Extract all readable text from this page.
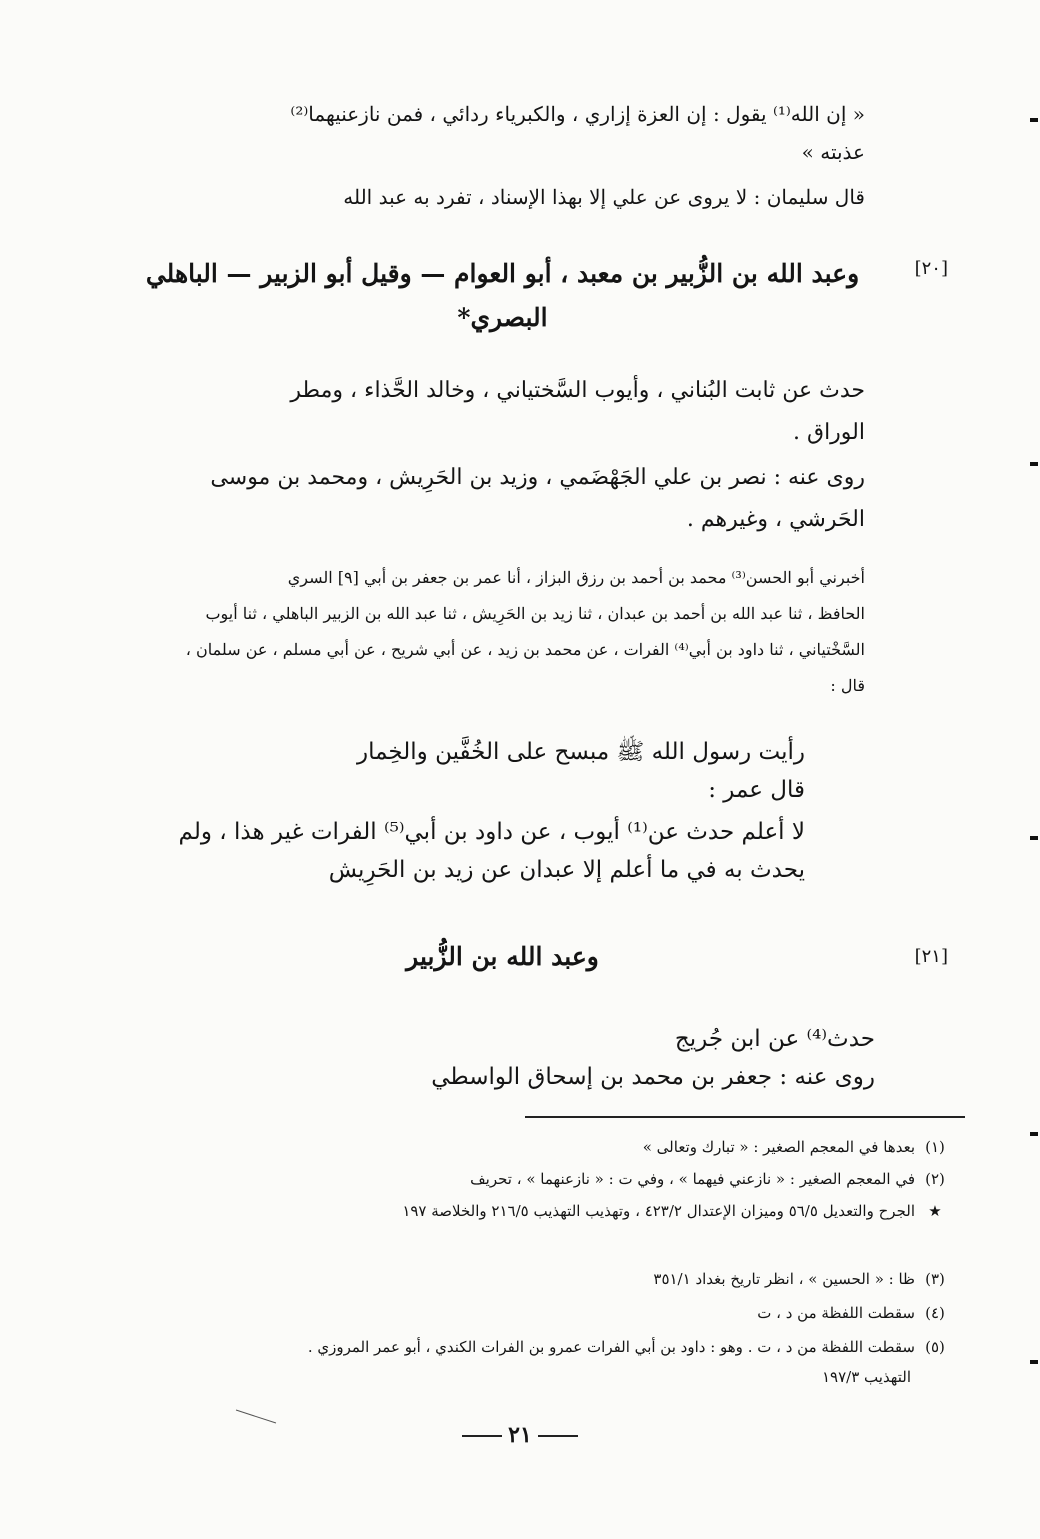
« إن الله⁽¹⁾ يقول : إن العزة إزاري ، والكبرياء ردائي ، فمن نازعنيهما⁽²⁾
عذبته »
قال سليمان : لا يروى عن علي إلا بهذا الإسناد ، تفرد به عبد الله
[٢٠]
وعبد الله بن الزُّبير بن معبد ، أبو العوام — وقيل أبو الزبير — الباهلي
البصري*
حدث عن ثابت البُناني ، وأيوب السَّختياني ، وخالد الحَّذاء ، ومطر
الوراق .
روى عنه : نصر بن علي الجَهْضَمي ، وزيد بن الحَرِيش ، ومحمد بن موسى
الحَرشي ، وغيرهم .
أخبرني أبو الحسن⁽³⁾ محمد بن أحمد بن رزق البزاز ، أنا عمر بن جعفر بن أبي [٩] السري
الحافظ ، ثنا عبد الله بن أحمد بن عبدان ، ثنا زيد بن الحَرِيش ، ثنا عبد الله بن الزبير الباهلي ، ثنا أيوب
السَّخْتياني ، ثنا داود بن أبي⁽⁴⁾ الفرات ، عن محمد بن زيد ، عن أبي شريح ، عن أبي مسلم ، عن سلمان ،
قال :
رأيت رسول الله ﷺ مبسح على الخُفَّين والخِمار
قال عمر :
لا أعلم حدث عن⁽¹⁾ أيوب ، عن داود بن أبي⁽⁵⁾ الفرات غير هذا ، ولم
يحدث به في ما أعلم إلا عبدان عن زيد بن الحَرِيش
[٢١]
وعبد الله بن الزُّبير
حدث⁽⁴⁾ عن ابن جُريج
روى عنه : جعفر بن محمد بن إسحاق الواسطي
(١)بعدها في المعجم الصغير : « تبارك وتعالى »
(٢)في المعجم الصغير : « نازعني فيهما » ، وفي ت : « نازعنهما » ، تحريف
★الجرح والتعديل ٥٦/٥ وميزان الإعتدال ٤٢٣/٢ ، وتهذيب التهذيب ٢١٦/٥ والخلاصة ١٩٧
(٣)ظا : « الحسين » ، انظر تاريخ بغداد ٣٥١/١
(٤)سقطت اللفظة من د ، ت
(٥)سقطت اللفظة من د ، ت . وهو : داود بن أبي الفرات عمرو بن الفرات الكندي ، أبو عمر المروزي .
التهذيب ١٩٧/٣
٢١
